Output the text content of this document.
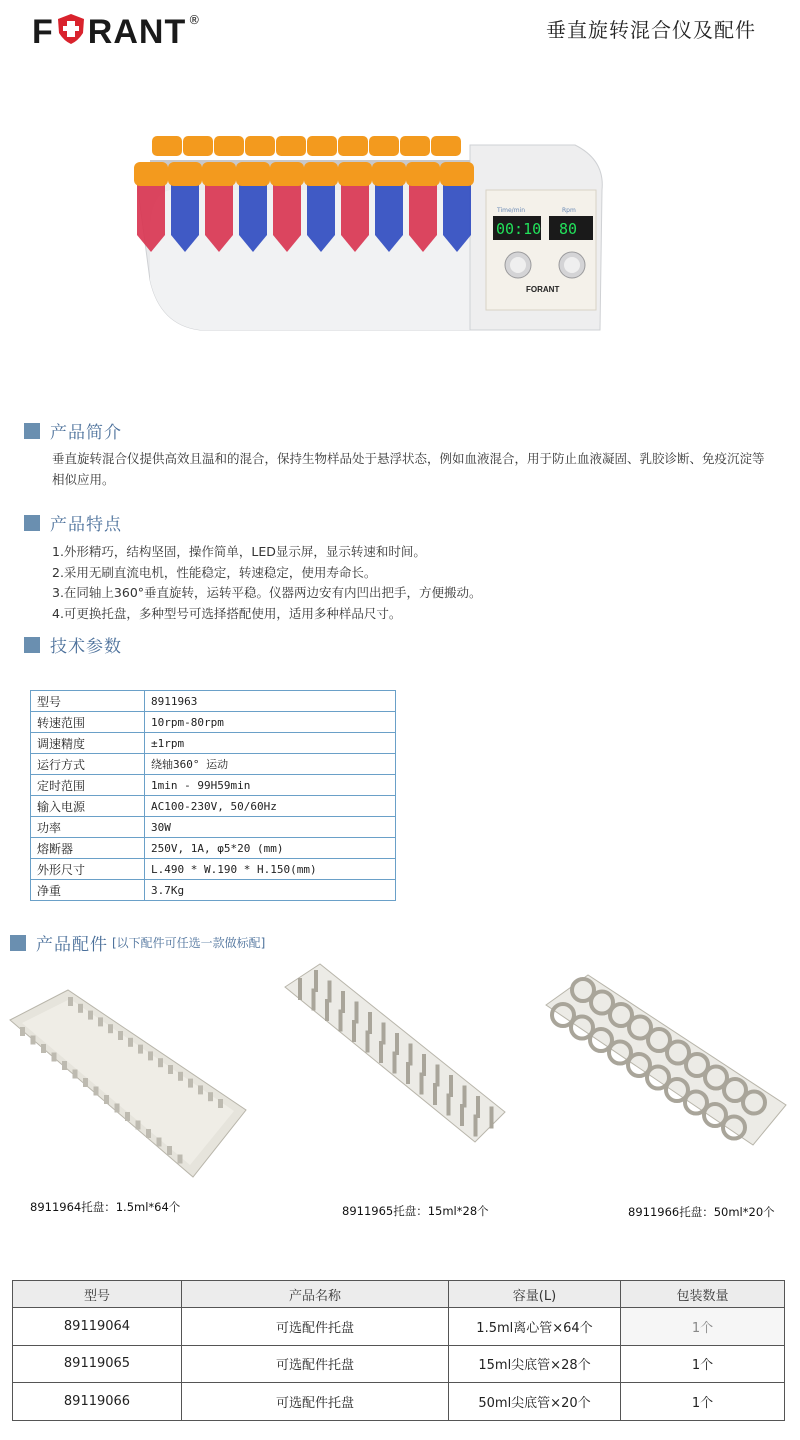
F RANT ®	垂直旋转混合仪及配件
Time/min	Rpm
00:10 80
FORANT
产品简介
垂直旋转混合仪提供高效且温和的混合，保持生物样品处于悬浮状态，例如血液混合，用于防止血液凝固、乳胶诊断、免疫沉淀等相似应用。
产品特点
1.外形精巧，结构坚固，操作简单，LED显示屏，显示转速和时间。
2.采用无刷直流电机，性能稳定，转速稳定，使用寿命长。
3.在同轴上360°垂直旋转，运转平稳。仪器两边安有内凹出把手，方便搬动。
4.可更换托盘，多种型号可选择搭配使用，适用多种样品尺寸。
技术参数
型号	8911963
转速范围	10rpm-80rpm
调速精度	±1rpm
运行方式	绕轴360° 运动
定时范围	1min - 99H59min
输入电源	AC100-230V, 50/60Hz
功率	30W
熔断器	250V, 1A, φ5*20 (mm)
外形尺寸	L.490 * W.190 * H.150(mm)
净重	3.7Kg
产品配件 [以下配件可任选一款做标配]
8911964托盘：1.5ml*64个	8911965托盘：15ml*28个	8911966托盘：50ml*20个
型号	产品名称	容量(L)	包装数量
89119064	可选配件托盘	1.5ml离心管×64个	1个
89119065	可选配件托盘	15ml尖底管×28个	1个
89119066	可选配件托盘	50ml尖底管×20个	1个
